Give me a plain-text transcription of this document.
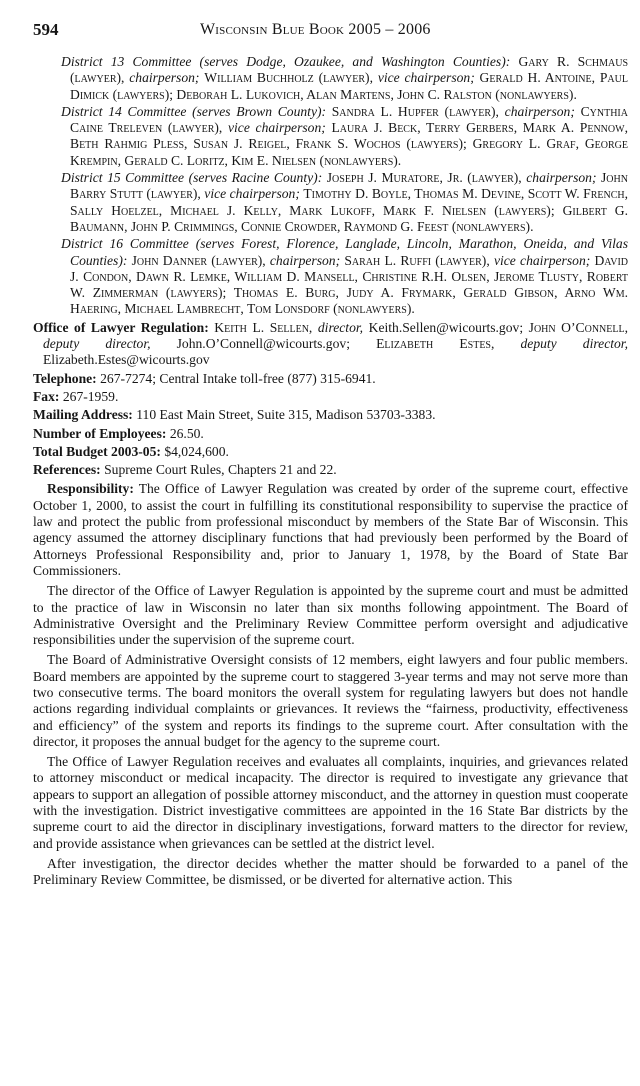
594	Wisconsin Blue Book 2005 – 2006

District 13 Committee (serves Dodge, Ozaukee, and Washington Counties): Gary R. Schmaus (lawyer), chairperson; William Buchholz (lawyer), vice chairperson; Gerald H. Antoine, Paul Dimick (lawyers); Deborah L. Lukovich, Alan Martens, John C. Ralston (nonlawyers).

District 14 Committee (serves Brown County): Sandra L. Hupfer (lawyer), chairperson; Cynthia Caine Treleven (lawyer), vice chairperson; Laura J. Beck, Terry Gerbers, Mark A. Pennow, Beth Rahmig Pless, Susan J. Reigel, Frank S. Wochos (lawyers); Gregory L. Graf, George Krempin, Gerald C. Loritz, Kim E. Nielsen (nonlawyers).

District 15 Committee (serves Racine County): Joseph J. Muratore, Jr. (lawyer), chairperson; John Barry Stutt (lawyer), vice chairperson; Timothy D. Boyle, Thomas M. Devine, Scott W. French, Sally Hoelzel, Michael J. Kelly, Mark Lukoff, Mark F. Nielsen (lawyers); Gilbert G. Baumann, John P. Crimmings, Connie Crowder, Raymond G. Feest (nonlawyers).

District 16 Committee (serves Forest, Florence, Langlade, Lincoln, Marathon, Oneida, and Vilas Counties): John Danner (lawyer), chairperson; Sarah L. Ruffi (lawyer), vice chairperson; David J. Condon, Dawn R. Lemke, William D. Mansell, Christine R.H. Olsen, Jerome Tlusty, Robert W. Zimmerman (lawyers); Thomas E. Burg, Judy A. Frymark, Gerald Gibson, Arno Wm. Haering, Michael Lambrecht, Tom Lonsdorf (nonlawyers).

Office of Lawyer Regulation: Keith L. Sellen, director, Keith.Sellen@wicourts.gov; John O’Connell, deputy director, John.O’Connell@wicourts.gov; Elizabeth Estes, deputy director, Elizabeth.Estes@wicourts.gov

Telephone: 267-7274; Central Intake toll-free (877) 315-6941.

Fax: 267-1959.

Mailing Address: 110 East Main Street, Suite 315, Madison 53703-3383.

Number of Employees: 26.50.

Total Budget 2003-05: $4,024,600.

References: Supreme Court Rules, Chapters 21 and 22.

Responsibility: The Office of Lawyer Regulation was created by order of the supreme court, effective October 1, 2000, to assist the court in fulfilling its constitutional responsibility to supervise the practice of law and protect the public from professional misconduct by members of the State Bar of Wisconsin. This agency assumed the attorney disciplinary functions that had previously been performed by the Board of Attorneys Professional Responsibility and, prior to January 1, 1978, by the Board of State Bar Commissioners.

The director of the Office of Lawyer Regulation is appointed by the supreme court and must be admitted to the practice of law in Wisconsin no later than six months following appointment. The Board of Administrative Oversight and the Preliminary Review Committee perform oversight and adjudicative responsibilities under the supervision of the supreme court.

The Board of Administrative Oversight consists of 12 members, eight lawyers and four public members. Board members are appointed by the supreme court to staggered 3-year terms and may not serve more than two consecutive terms. The board monitors the overall system for regulating lawyers but does not handle actions regarding individual complaints or grievances. It reviews the “fairness, productivity, effectiveness and efficiency” of the system and reports its findings to the supreme court. After consultation with the director, it proposes the annual budget for the agency to the supreme court.

The Office of Lawyer Regulation receives and evaluates all complaints, inquiries, and grievances related to attorney misconduct or medical incapacity. The director is required to investigate any grievance that appears to support an allegation of possible attorney misconduct, and the attorney in question must cooperate with the investigation. District investigative committees are appointed in the 16 State Bar districts by the supreme court to aid the director in disciplinary investigations, forward matters to the director for review, and provide assistance when grievances can be settled at the district level.

After investigation, the director decides whether the matter should be forwarded to a panel of the Preliminary Review Committee, be dismissed, or be diverted for alternative action. This
